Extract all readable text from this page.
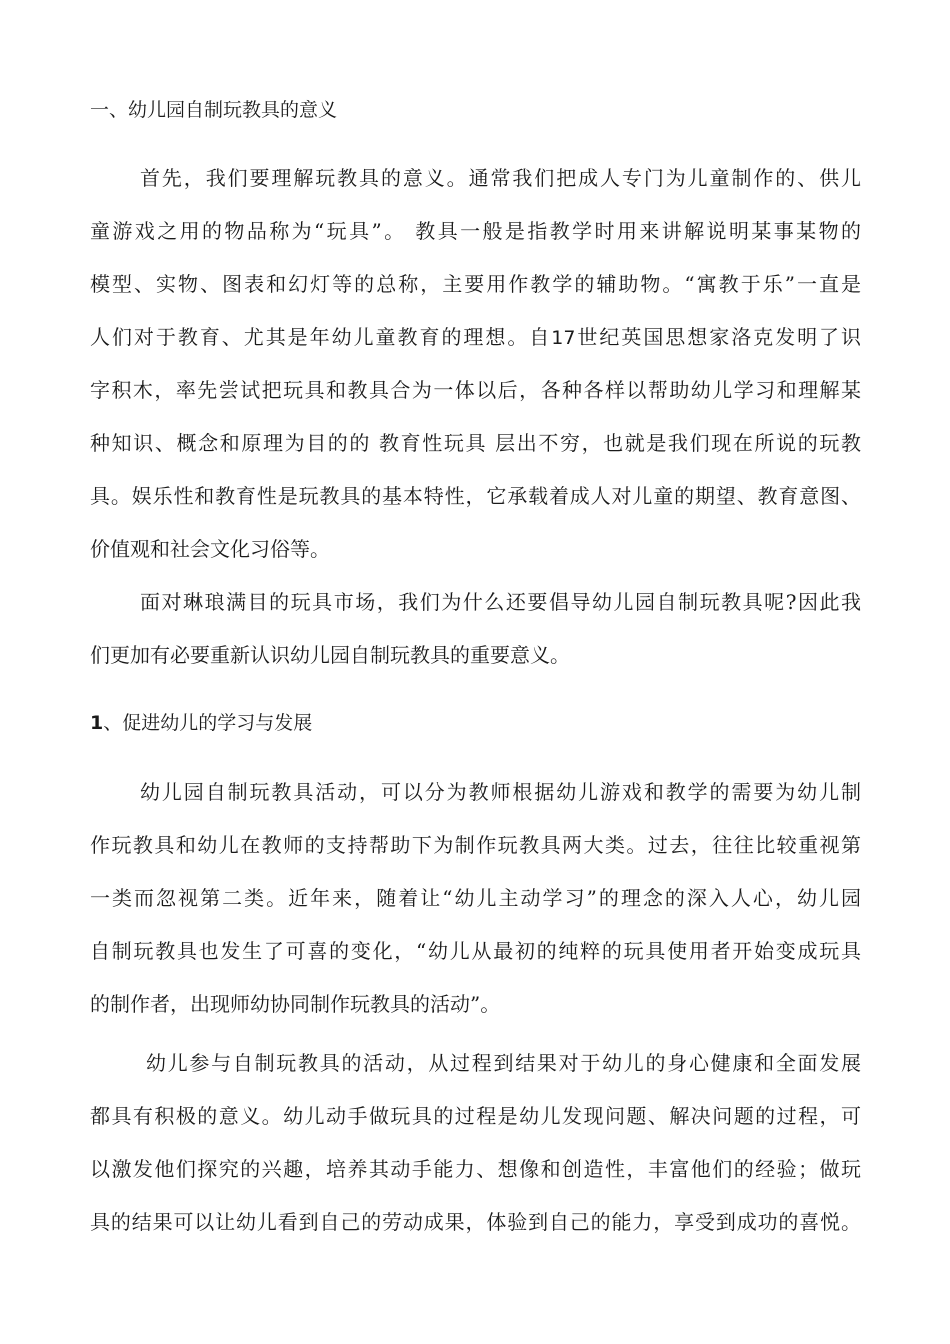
一、幼儿园自制玩教具的意义
首先，我们要理解玩教具的意义。通常我们把成人专门为儿童制作的、供儿
童游戏之用的物品称为“玩具”。 教具一般是指教学时用来讲解说明某事某物的
模型、实物、图表和幻灯等的总称，主要用作教学的辅助物。“寓教于乐”一直是
人们对于教育、尤其是年幼儿童教育的理想。自17世纪英国思想家洛克发明了识
字积木，率先尝试把玩具和教具合为一体以后，各种各样以帮助幼儿学习和理解某
种知识、概念和原理为目的的 教育性玩具 层出不穷，也就是我们现在所说的玩教
具。娱乐性和教育性是玩教具的基本特性，它承载着成人对儿童的期望、教育意图、
价值观和社会文化习俗等。
面对琳琅满目的玩具市场，我们为什么还要倡导幼儿园自制玩教具呢?因此我
们更加有必要重新认识幼儿园自制玩教具的重要意义。
1、促进幼儿的学习与发展
幼儿园自制玩教具活动，可以分为教师根据幼儿游戏和教学的需要为幼儿制
作玩教具和幼儿在教师的支持帮助下为制作玩教具两大类。过去，往往比较重视第
一类而忽视第二类。近年来，随着让“幼儿主动学习”的理念的深入人心，幼儿园
自制玩教具也发生了可喜的变化，“幼儿从最初的纯粹的玩具使用者开始变成玩具
的制作者，出现师幼协同制作玩教具的活动”。
幼儿参与自制玩教具的活动，从过程到结果对于幼儿的身心健康和全面发展
都具有积极的意义。幼儿动手做玩具的过程是幼儿发现问题、解决问题的过程，可
以激发他们探究的兴趣，培养其动手能力、想像和创造性，丰富他们的经验；做玩
具的结果可以让幼儿看到自己的劳动成果，体验到自己的能力，享受到成功的喜悦。
